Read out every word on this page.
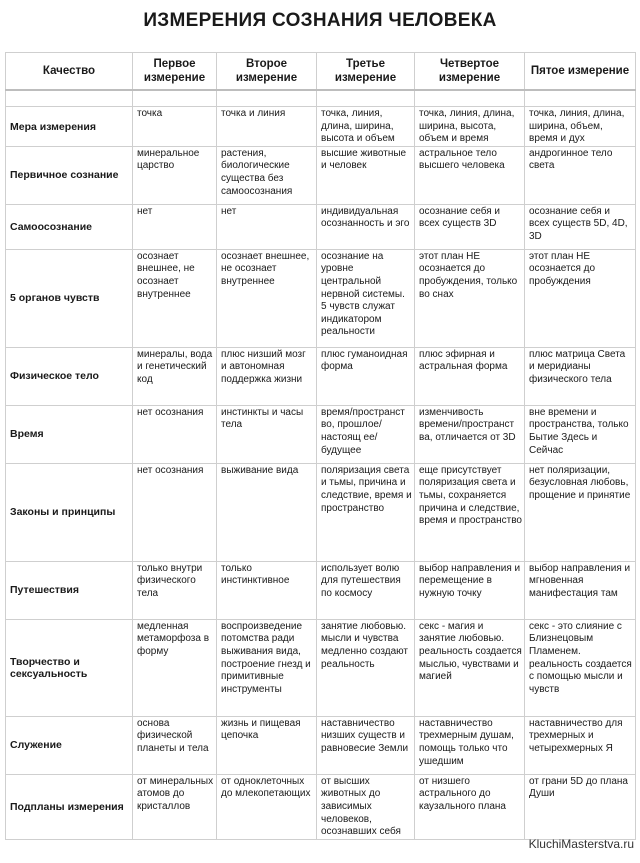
ИЗМЕРЕНИЯ СОЗНАНИЯ ЧЕЛОВЕКА
Качество	Первое измерение	Второе измерение	Третье измерение	Четвертое измерение	Пятое измерение

Мера измерения	точка	точка и линия	точка, линия, длина, ширина, высота и объем	точка, линия, длина, ширина, высота, объем и время	точка, линия, длина, ширина, объем, время и дух
Первичное сознание	минеральное царство	растения, биологические существа без самоосознания	высшие животные и человек	астральное тело высшего человека	андрогинное тело света
Самоосознание	нет	нет	индивидуальная осознанность и эго	осознание себя и всех существ 3D	осознание себя и всех существ 5D, 4D, 3D
5 органов чувств	осознает внешнее, не осознает внутреннее	осознает внешнее, не осознает внутреннее	осознание на уровне центральной нервной системы. 5 чувств служат индикатором реальности	этот план НЕ осознается до пробуждения, только во снах	этот план НЕ осознается до пробуждения
Физическое тело	минералы, вода и генетический код	плюс низший мозг и автономная поддержка жизни	плюс гуманоидная форма	плюс эфирная и астральная форма	плюс матрица Света и меридианы физического тела
Время	нет осознания	инстинкты и часы тела	время/пространст во, прошлое/настоящ ее/будущее	изменчивость времени/пространст ва, отличается от 3D	вне времени и пространства, только Бытие Здесь и Сейчас
Законы и принципы	нет осознания	выживание вида	поляризация света и тьмы, причина и следствие, время и пространство	еще присутствует поляризация света и тьмы, сохраняется причина и следствие, время и пространство	нет поляризации, безусловная любовь, прощение и принятие
Путешествия	только внутри физического тела	только инстинктивное	использует волю для путешествия по космосу	выбор направления и перемещение в нужную точку	выбор направления и мгновенная манифестация там
Творчество и сексуальность	медленная метаморфоза в форму	воспроизведение потомства ради выживания вида, построение гнезд и примитивные инструменты	занятие любовью. мысли и чувства медленно создают реальность	секс - магия и занятие любовью. реальность создается мыслью, чувствами и магией	секс - это слияние с Близнецовым Пламенем. реальность создается с помощью мысли и чувств
Служение	основа физической планеты и тела	жизнь и пищевая цепочка	наставничество низших существ и равновесие Земли	наставничество трехмерным душам, помощь только что ушедшим	наставничество для трехмерных и четырехмерных Я
Подпланы измерения	от минеральных атомов до кристаллов	от одноклеточных до млекопетающих	от высших животных до зависимых человеков, осознавших себя	от низшего астрального до каузального плана	от грани 5D до плана Души
KluchiMasterstva.ru
